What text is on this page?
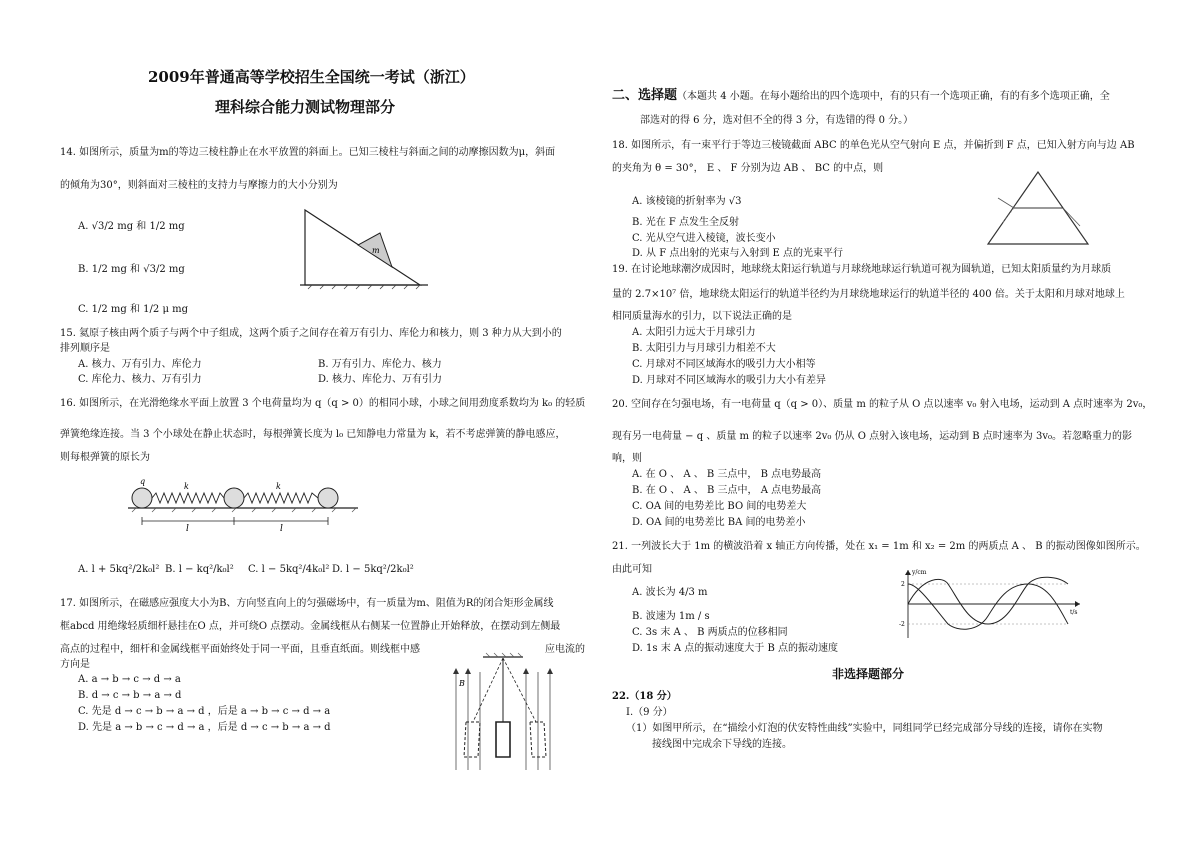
2009年普通高等学校招生全国统一考试（浙江）
理科综合能力测试物理部分
14. 如图所示，质量为m的等边三棱柱静止在水平放置的斜面上。已知三棱柱与斜面之间的动摩擦因数为μ，斜面
的倾角为30°，则斜面对三棱柱的支持力与摩擦力的大小分别为
A. √3/2 mg 和 1/2 mg
B. 1/2 mg 和 √3/2 mg
C. 1/2 mg 和 1/2 μ mg
m
15. 氦原子核由两个质子与两个中子组成，这两个质子之间存在着万有引力、库伦力和核力，则 3 种力从大到小的
排列顺序是
A. 核力、万有引力、库伦力	B. 万有引力、库伦力、核力
C. 库伦力、核力、万有引力	D. 核力、库伦力、万有引力
16. 如图所示，在光滑绝缘水平面上放置 3 个电荷量均为 q（q > 0）的相同小球，小球之间用劲度系数均为 k₀ 的轻质
弹簧绝缘连接。当 3 个小球处在静止状态时，每根弹簧长度为 l₀ 已知静电力常量为 k，若不考虑弹簧的静电感应，
则每根弹簧的原长为
q
k	k
l	l
A. l + 5kq²/2k₀l² B. l − kq²/k₀l² C. l − 5kq²/4k₀l² D. l − 5kq²/2k₀l²
17. 如图所示，在磁感应强度大小为B、方向竖直向上的匀强磁场中，有一质量为m、阻值为R的闭合矩形金属线
框abcd 用绝缘轻质细杆悬挂在O 点，并可绕O 点摆动。金属线框从右侧某一位置静止开始释放，在摆动到左侧最
高点的过程中，细杆和金属线框平面始终处于同一平面，且垂直纸面。则线框中感	应电流的
方向是
A. a → b → c → d → a
B. d → c → b → a → d
C. 先是 d → c → b → a → d ，后是 a → b → c → d → a
D. 先是 a → b → c → d → a ，后是 d → c → b → a → d
B
二、选择题（本题共 4 小题。在每小题给出的四个选项中，有的只有一个选项正确，有的有多个选项正确，全
部选对的得 6 分，选对但不全的得 3 分，有选错的得 0 分。）
18. 如图所示，有一束平行于等边三棱镜截面 ABC 的单色光从空气射向 E 点，并偏折到 F 点，已知入射方向与边 AB
的夹角为 θ = 30°， E 、 F 分别为边 AB 、 BC 的中点，则
A. 该棱镜的折射率为 √3
B. 光在 F 点发生全反射
C. 光从空气进入棱镜，波长变小
D. 从 F 点出射的光束与入射到 E 点的光束平行
19. 在讨论地球潮汐成因时，地球绕太阳运行轨道与月球绕地球运行轨道可视为圆轨道，已知太阳质量约为月球质
量的 2.7×10⁷ 倍，地球绕太阳运行的轨道半径约为月球绕地球运行的轨道半径的 400 倍。关于太阳和月球对地球上
相同质量海水的引力，以下说法正确的是
A. 太阳引力远大于月球引力
B. 太阳引力与月球引力相差不大
C. 月球对不同区域海水的吸引力大小相等
D. 月球对不同区域海水的吸引力大小有差异
20. 空间存在匀强电场，有一电荷量 q（q > 0）、质量 m 的粒子从 O 点以速率 v₀ 射入电场，运动到 A 点时速率为 2v₀，
现有另一电荷量 − q 、质量 m 的粒子以速率 2v₀ 仍从 O 点射入该电场，运动到 B 点时速率为 3v₀。若忽略重力的影
响，则
A. 在 O 、 A 、 B 三点中， B 点电势最高
B. 在 O 、 A 、 B 三点中， A 点电势最高
C. OA 间的电势差比 BO 间的电势差大
D. OA 间的电势差比 BA 间的电势差小
21. 一列波长大于 1m 的横波沿着 x 轴正方向传播，处在 x₁ = 1m 和 x₂ = 2m 的两质点 A 、 B 的振动图像如图所示。
由此可知
A. 波长为 4/3 m
B. 波速为 1m / s
C. 3s 末 A 、 B 两质点的位移相同
D. 1s 末 A 点的振动速度大于 B 点的振动速度
y/cm
t/s
2
-2
非选择题部分
22.（18 分）
Ⅰ.（9 分）
（1）如图甲所示，在“描绘小灯泡的伏安特性曲线”实验中，同组同学已经完成部分导线的连接，请你在实物
接线图中完成余下导线的连接。
